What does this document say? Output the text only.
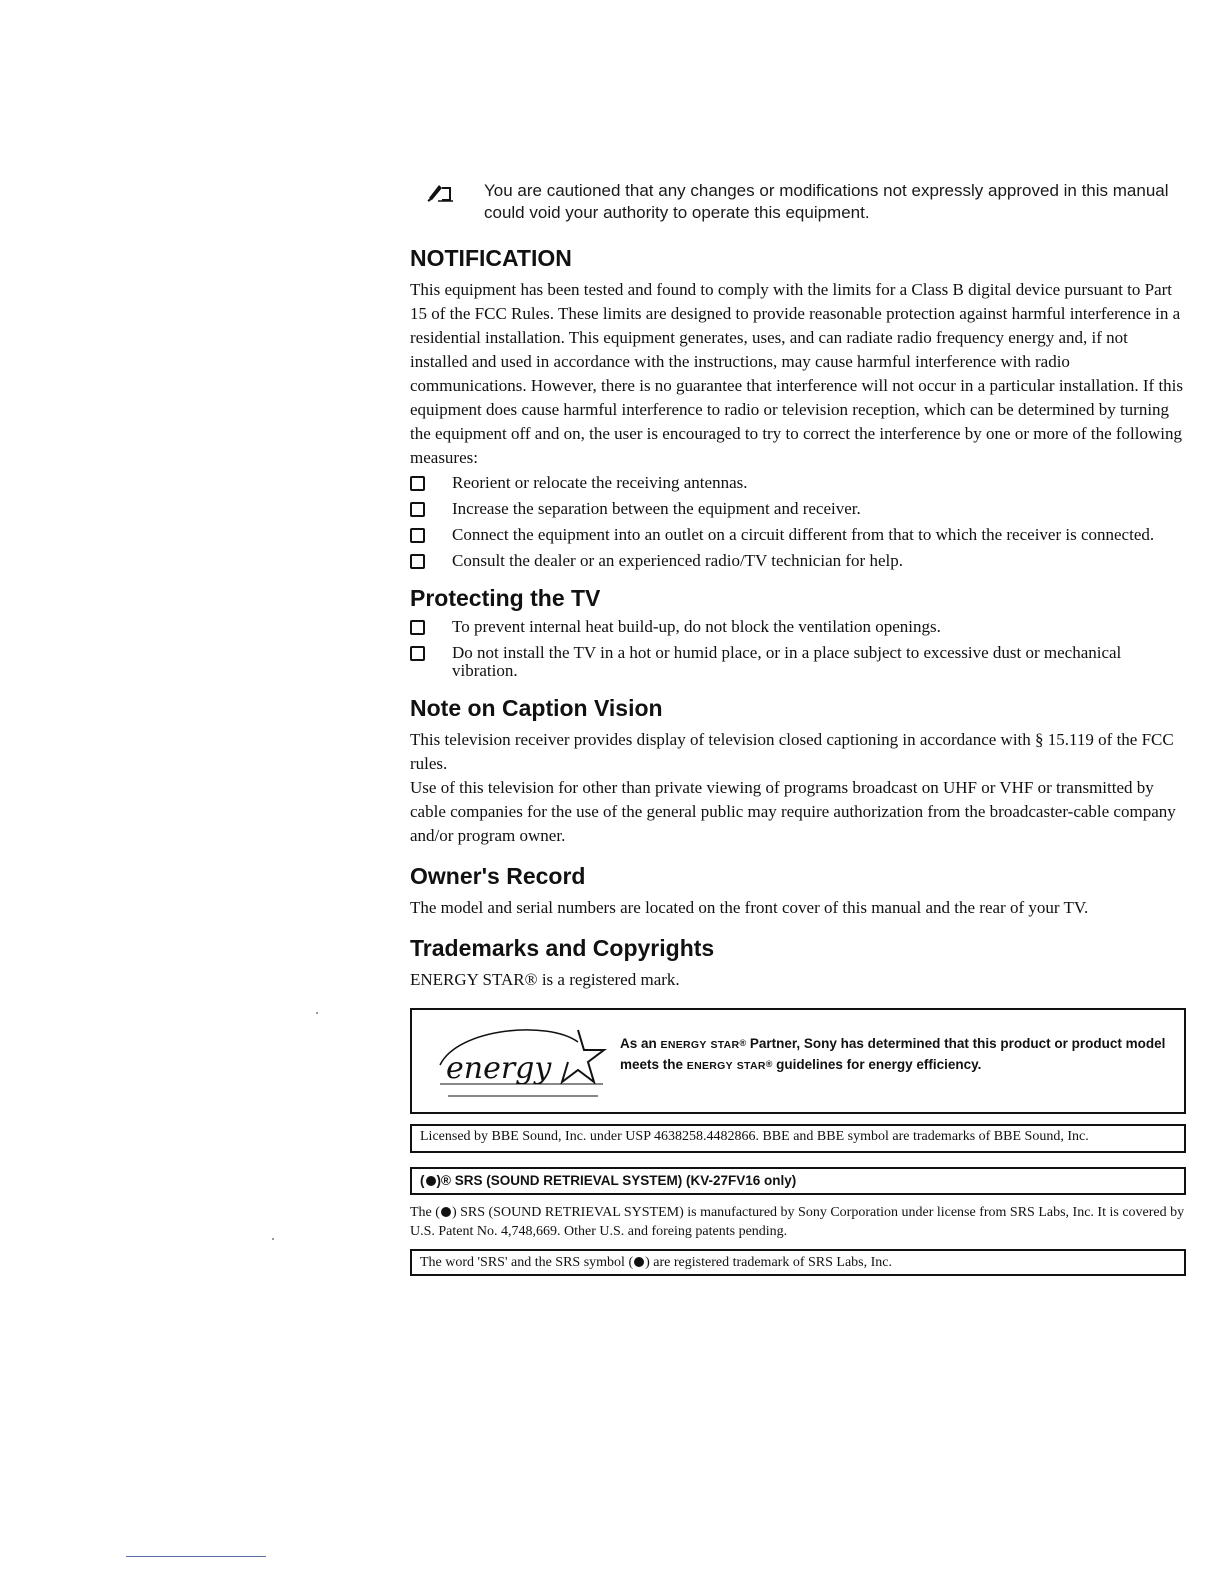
You are cautioned that any changes or modifications not expressly approved in this manual could void your authority to operate this equipment.
NOTIFICATION

This equipment has been tested and found to comply with the limits for a Class B digital device pursuant to Part 15 of the FCC Rules. These limits are designed to provide reasonable protection against harmful interference in a residential installation. This equipment generates, uses, and can radiate radio frequency energy and, if not installed and used in accordance with the instructions, may cause harmful interference with radio communications. However, there is no guarantee that interference will not occur in a particular installation. If this equipment does cause harmful interference to radio or television reception, which can be determined by turning the equipment off and on, the user is encouraged to try to correct the interference by one or more of the following measures:

Reorient or relocate the receiving antennas.
Increase the separation between the equipment and receiver.
Connect the equipment into an outlet on a circuit different from that to which the receiver is connected.
Consult the dealer or an experienced radio/TV technician for help.
Protecting the TV
To prevent internal heat build-up, do not block the ventilation openings.
Do not install the TV in a hot or humid place, or in a place subject to excessive dust or mechanical vibration.
Note on Caption Vision

This television receiver provides display of television closed captioning in accordance with § 15.119 of the FCC rules.

Use of this television for other than private viewing of programs broadcast on UHF or VHF or transmitted by cable companies for the use of the general public may require authorization from the broadcaster-cable company and/or program owner.

Owner's Record

The model and serial numbers are located on the front cover of this manual and the rear of your TV.

Trademarks and Copyrights

ENERGY STAR® is a registered mark.

energy
As an ENERGY STAR® Partner, Sony has determined that this product or product model meets the ENERGY STAR® guidelines for energy efficiency.
Licensed by BBE Sound, Inc. under USP 4638258.4482866. BBE and BBE symbol are trademarks of BBE Sound, Inc.
( )® SRS (SOUND RETRIEVAL SYSTEM) (KV-27FV16 only)

The ( ) SRS (SOUND RETRIEVAL SYSTEM) is manufactured by Sony Corporation under license from SRS Labs, Inc. It is covered by U.S. Patent No. 4,748,669. Other U.S. and foreing patents pending.

The word 'SRS' and the SRS symbol ( ) are registered trademark of SRS Labs, Inc.
